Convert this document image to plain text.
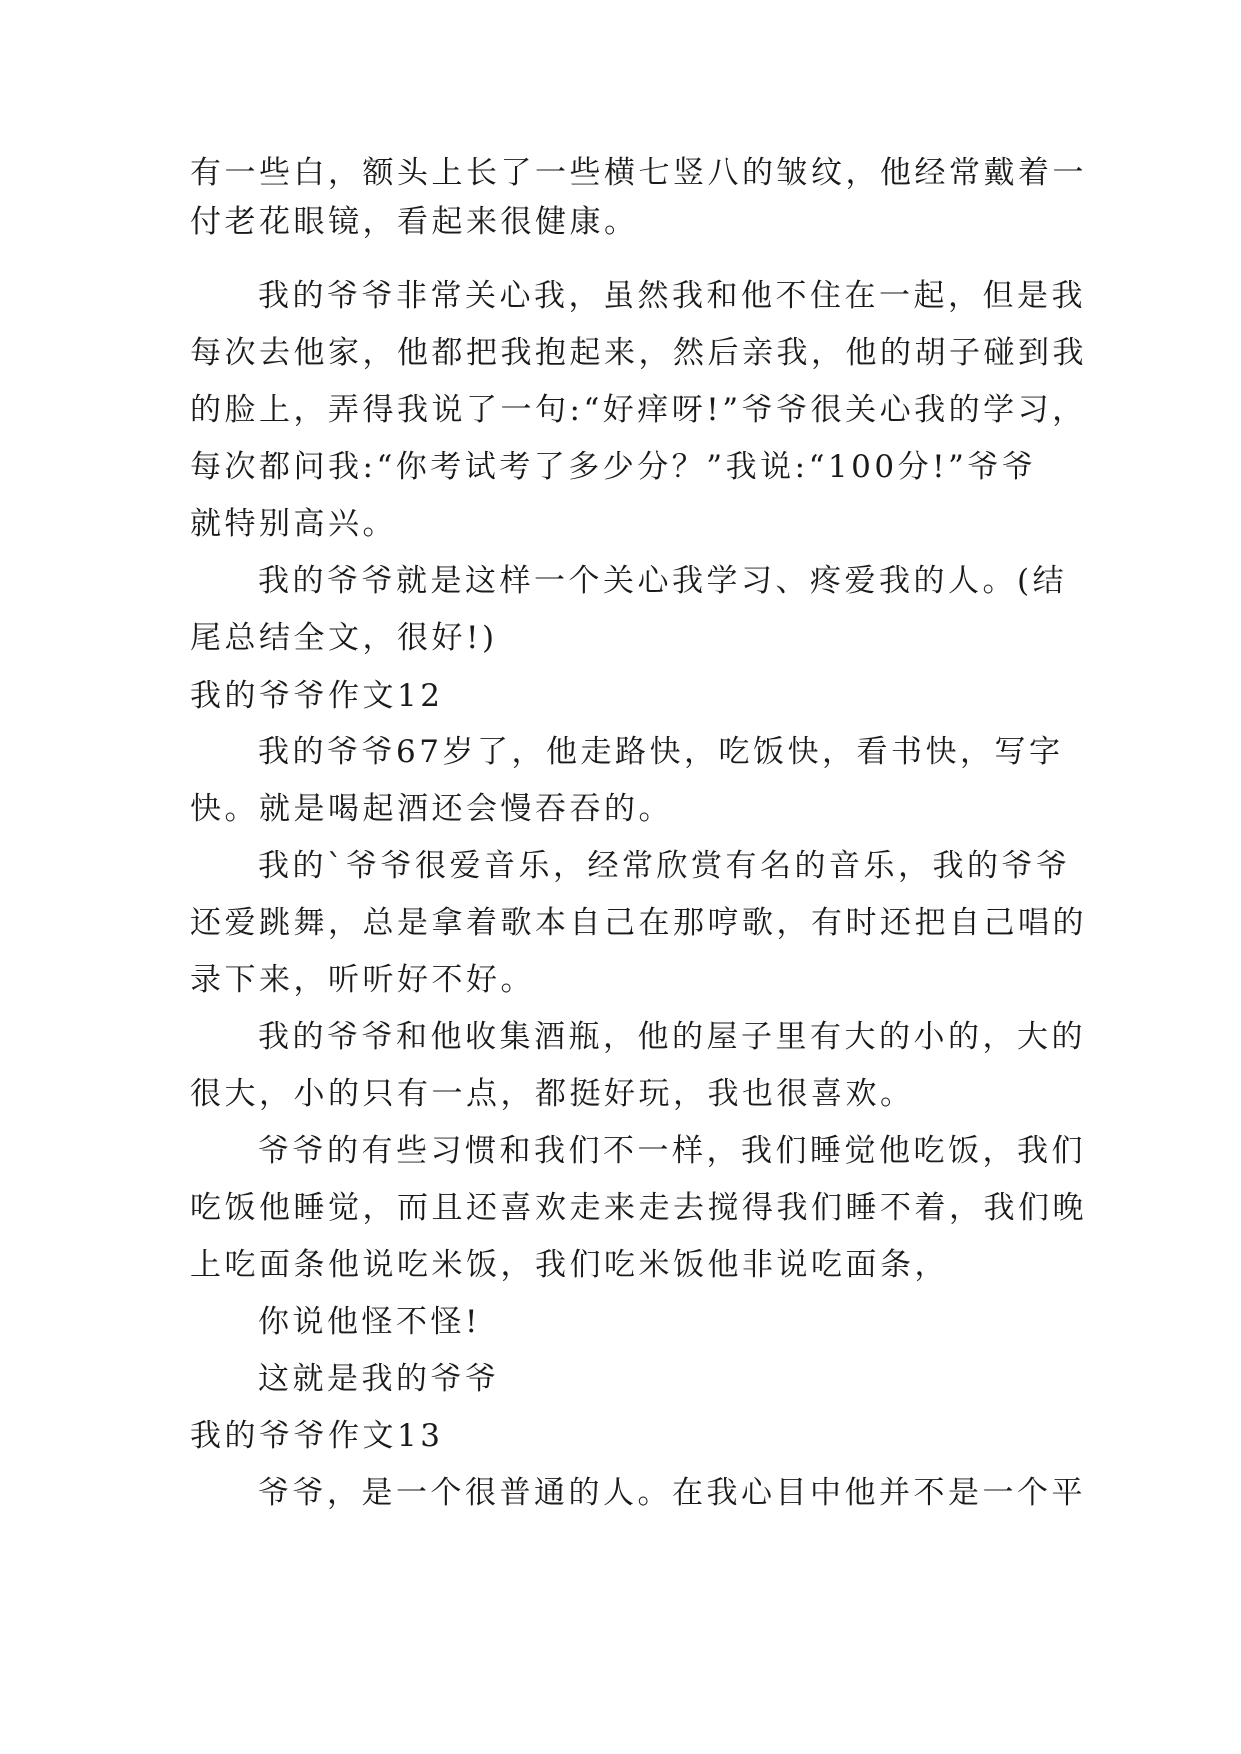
有一些白，额头上长了一些横七竖八的皱纹，他经常戴着一
付老花眼镜，看起来很健康。
我的爷爷非常关心我，虽然我和他不住在一起，但是我
每次去他家，他都把我抱起来，然后亲我，他的胡子碰到我
的脸上，弄得我说了一句:“好痒呀!”爷爷很关心我的学习，
每次都问我:“你考试考了多少分？”我说:“100分!”爷爷
就特别高兴。
我的爷爷就是这样一个关心我学习、疼爱我的人。(结
尾总结全文，很好!)
我的爷爷作文12
我的爷爷67岁了，他走路快，吃饭快，看书快，写字
快。就是喝起酒还会慢吞吞的。
我的`爷爷很爱音乐，经常欣赏有名的音乐，我的爷爷
还爱跳舞，总是拿着歌本自己在那哼歌，有时还把自己唱的
录下来，听听好不好。
我的爷爷和他收集酒瓶，他的屋子里有大的小的，大的
很大，小的只有一点，都挺好玩，我也很喜欢。
爷爷的有些习惯和我们不一样，我们睡觉他吃饭，我们
吃饭他睡觉，而且还喜欢走来走去搅得我们睡不着，我们晚
上吃面条他说吃米饭，我们吃米饭他非说吃面条，
你说他怪不怪!
这就是我的爷爷
我的爷爷作文13
爷爷，是一个很普通的人。在我心目中他并不是一个平
